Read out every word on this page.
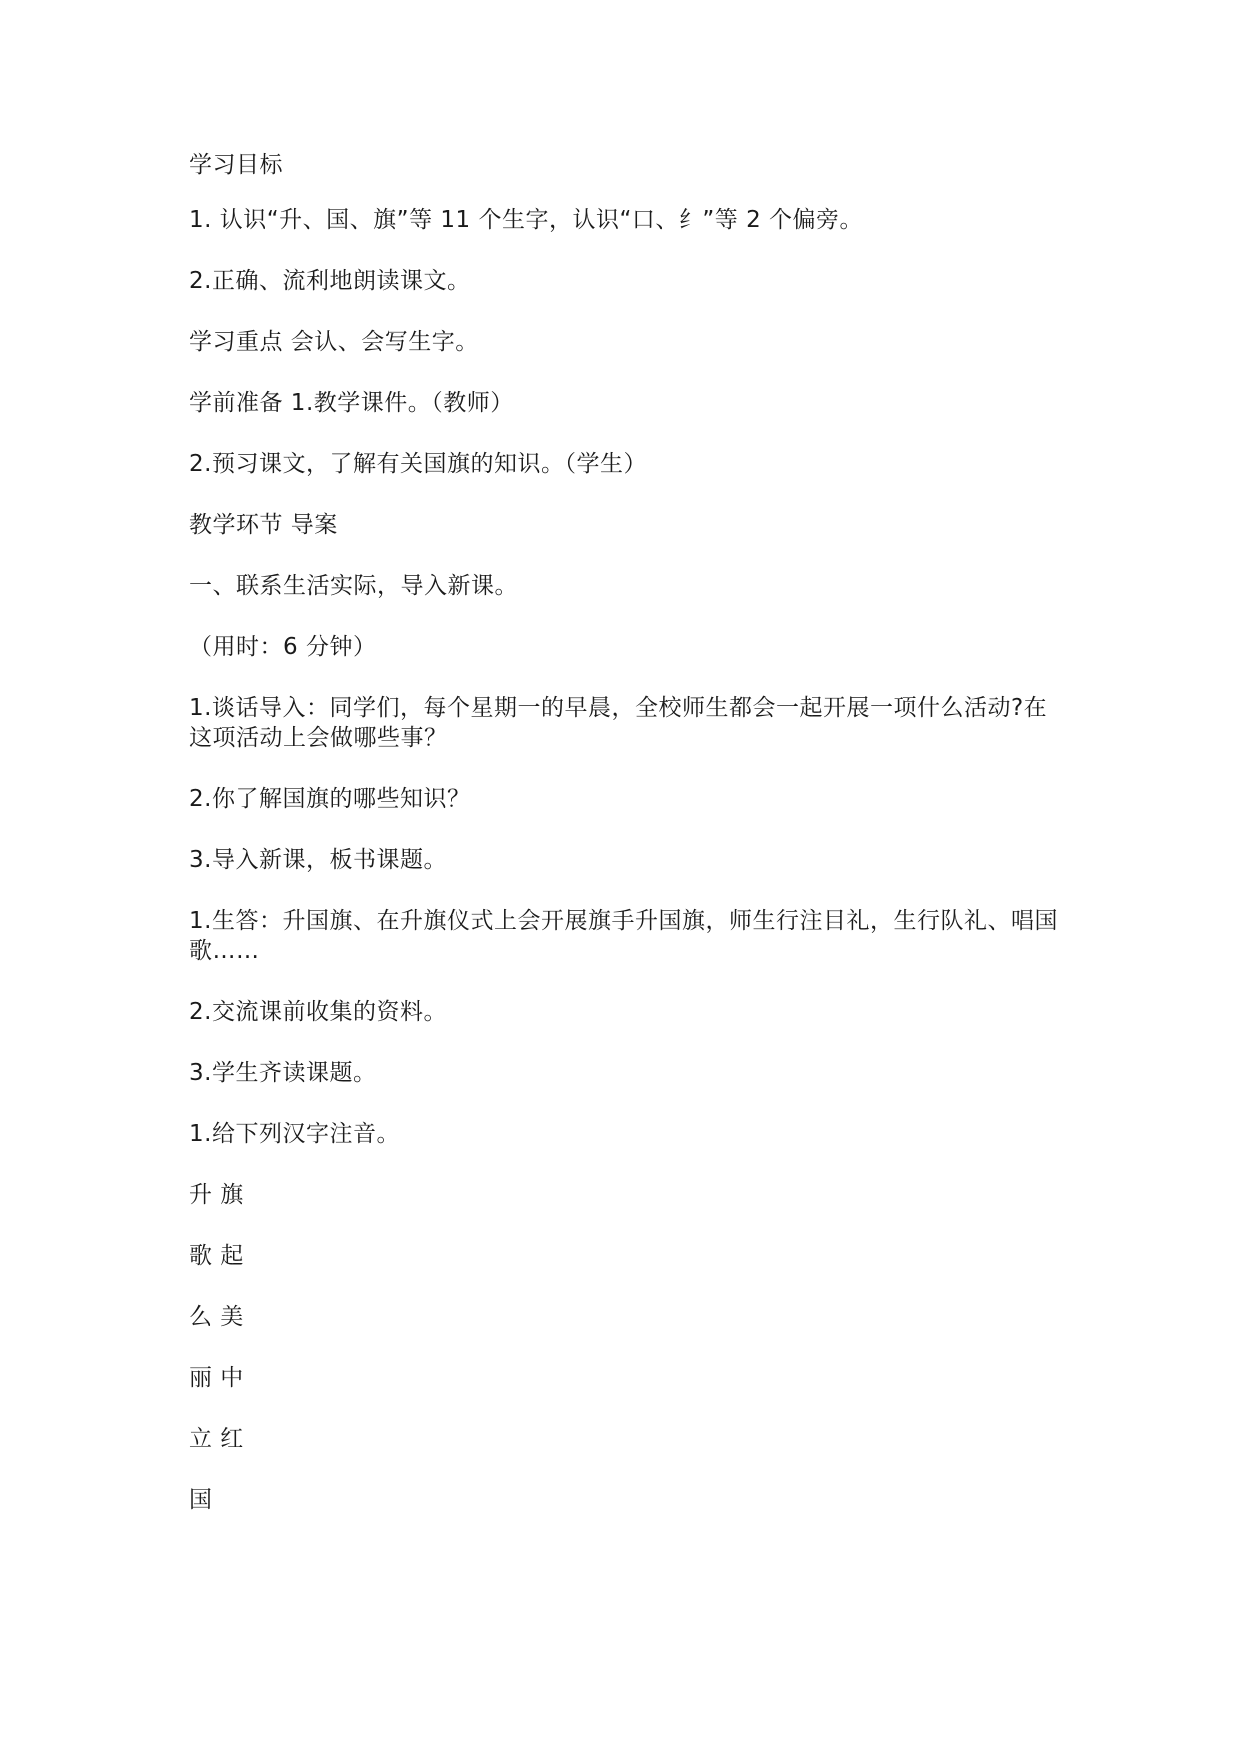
学习目标

1. 认识“升、国、旗”等 11 个生字，认识“口、纟”等 2 个偏旁。

2.正确、流利地朗读课文。

学习重点 会认、会写生字。

学前准备 1.教学课件。（教师）

2.预习课文，了解有关国旗的知识。（学生）

教学环节 导案

一、联系生活实际，导入新课。

（用时：6 分钟）

1.谈话导入：同学们，每个星期一的早晨，全校师生都会一起开展一项什么活动?在这项活动上会做哪些事？

2.你了解国旗的哪些知识？

3.导入新课，板书课题。

1.生答：升国旗、在升旗仪式上会开展旗手升国旗，师生行注目礼，生行队礼、唱国歌……

2.交流课前收集的资料。

3.学生齐读课题。

1.给下列汉字注音。

升 旗

歌 起

么 美

丽 中

立 红

国
